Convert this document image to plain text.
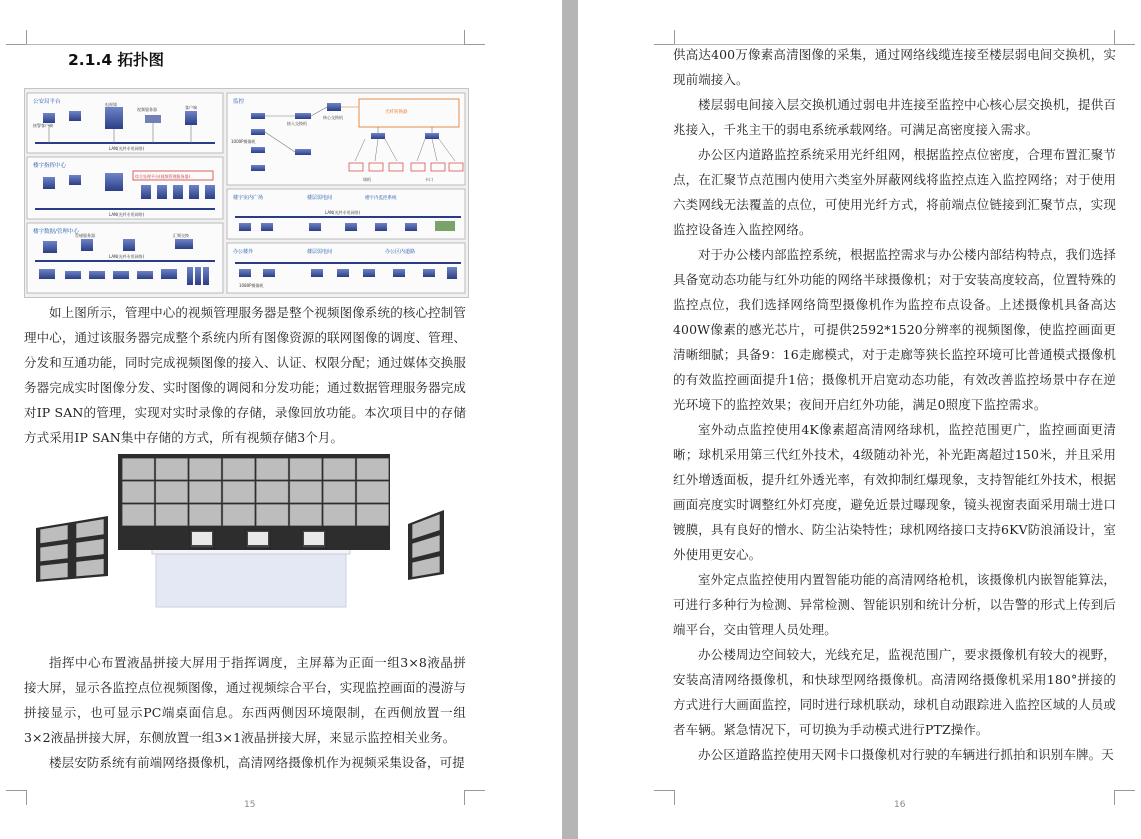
2.1.4 拓扑图
公安局平台
楼宇指挥中心
楼宇数据/管理中心
监控
楼宇室内广场	楼层弱电间
办公楼外	楼层弱电间	办公区内道路
接警客户端
电视墙
视频服务器	客户端
LAN(光纤专用网络)
综合处理平台(视频管理服务器)
LAN(光纤专用网络)
存储服务器	汇聚交换
LAN(光纤专用网络)
1000P摄像机
接入交换机
核心交换机
光纤转换器
球机	卡口
LAN(光纤专用网络)
楼宇内监控系统
1080P摄像机
如上图所示，管理中心的视频管理服务器是整个视频图像系统的核心控制管理中心，通过该服务器完成整个系统内所有图像资源的联网图像的调度、管理、分发和互通功能，同时完成视频图像的接入、认证、权限分配；通过媒体交换服务器完成实时图像分发、实时图像的调阅和分发功能；通过数据管理服务器完成对IP SAN的管理，实现对实时录像的存储，录像回放功能。本次项目中的存储方式采用IP SAN集中存储的方式，所有视频存储3个月。
指挥中心布置液晶拼接大屏用于指挥调度，主屏幕为正面一组3×8液晶拼接大屏，显示各监控点位视频图像，通过视频综合平台，实现监控画面的漫游与拼接显示，也可显示PC端桌面信息。东西两侧因环境限制，在西侧放置一组3×2液晶拼接大屏，东侧放置一组3×1液晶拼接大屏，来显示监控相关业务。
楼层安防系统有前端网络摄像机，高清网络摄像机作为视频采集设备，可提
15
供高达400万像素高清图像的采集，通过网络线缆连接至楼层弱电间交换机，实现前端接入。
楼层弱电间接入层交换机通过弱电井连接至监控中心核心层交换机，提供百兆接入，千兆主干的弱电系统承载网络。可满足高密度接入需求。
办公区内道路监控系统采用光纤组网，根据监控点位密度，合理布置汇聚节点，在汇聚节点范围内使用六类室外屏蔽网线将监控点连入监控网络；对于使用六类网线无法覆盖的点位，可使用光纤方式，将前端点位链接到汇聚节点，实现监控设备连入监控网络。
对于办公楼内部监控系统，根据监控需求与办公楼内部结构特点，我们选择具备宽动态功能与红外功能的网络半球摄像机；对于安装高度较高，位置特殊的监控点位，我们选择网络筒型摄像机作为监控布点设备。上述摄像机具备高达400W像素的感光芯片，可提供2592*1520分辨率的视频图像，使监控画面更清晰细腻；具备9：16走廊模式，对于走廊等狭长监控环境可比普通模式摄像机的有效监控画面提升1倍；摄像机开启宽动态功能，有效改善监控场景中存在逆光环境下的监控效果；夜间开启红外功能，满足0照度下监控需求。
室外动点监控使用4K像素超高清网络球机，监控范围更广，监控画面更清晰；球机采用第三代红外技术，4级随动补光，补光距离超过150米，并且采用红外增透面板，提升红外透光率，有效抑制红爆现象，支持智能红外技术，根据画面亮度实时调整红外灯亮度，避免近景过曝现象，镜头视窗表面采用瑞士进口镀膜，具有良好的憎水、防尘沾染特性；球机网络接口支持6KV防浪涌设计，室外使用更安心。
室外定点监控使用内置智能功能的高清网络枪机，该摄像机内嵌智能算法，可进行多种行为检测、异常检测、智能识别和统计分析，以告警的形式上传到后端平台，交由管理人员处理。
办公楼周边空间较大，光线充足，监视范围广，要求摄像机有较大的视野，安装高清网络摄像机，和快球型网络摄像机。高清网络摄像机采用180°拼接的方式进行大画面监控，同时进行球机联动，球机自动跟踪进入监控区域的人员或者车辆。紧急情况下，可切换为手动模式进行PTZ操作。
办公区道路监控使用天网卡口摄像机对行驶的车辆进行抓拍和识别车牌。天
16
